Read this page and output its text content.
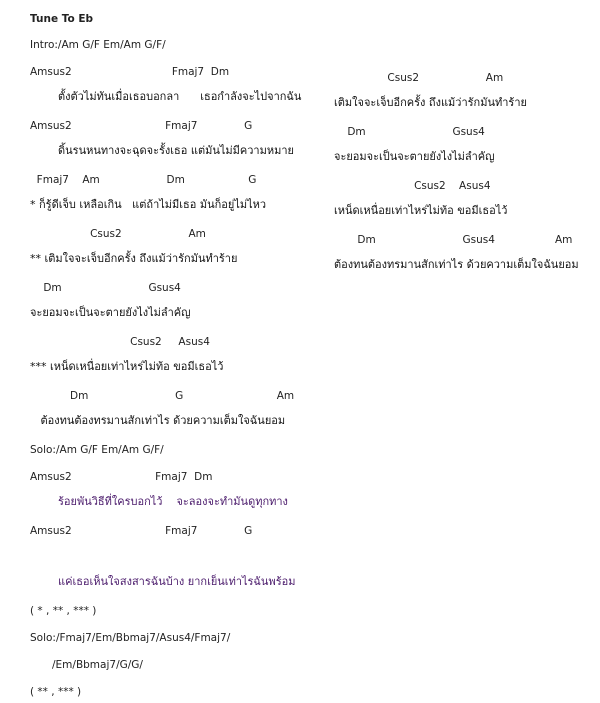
Tune To Eb
Intro:/Am G/F Em/Am G/F/
Amsus2                              Fmaj7  Dm
ตั้งตัวไม่ทันเมื่อเธอบอกลา      เธอกำลังจะไปจากฉัน
Amsus2                            Fmaj7              G
ดิ้นรนหนทางจะฉุดจะรั้งเธอ แต่มันไม่มีความหมาย
Fmaj7    Am                    Dm                   G
* ก็รู้ดีเจ็บ เหลือเกิน   แต่ถ้าไม่มีเธอ มันก็อยู่ไม่ไหว
Csus2                    Am
** เติมใจจะเจ็บอีกครั้ง ถึงแม้ว่ารักมันทำร้าย
Dm                          Gsus4
จะยอมจะเป็นจะตายยังไงไม่ลำคัญ
Csus2     Asus4
*** เหน็ดเหนื่อยเท่าไหร่ไม่ท้อ ขอมีเธอไว้
Dm                          G                            Am
ต้องทนต้องทรมานสักเท่าไร ด้วยความเต็มใจฉันยอม
Solo:/Am G/F Em/Am G/F/
Amsus2                         Fmaj7  Dm
ร้อยพันวิธีที่ใครบอกไว้    จะลองจะทำมันดูทุกทาง
Amsus2                            Fmaj7              G
แค่เธอเห็นใจสงสารฉันบ้าง ยากเย็นเท่าไรฉันพร้อม
( * , ** , *** )
Solo:/Fmaj7/Em/Bbmaj7/Asus4/Fmaj7/
/Em/Bbmaj7/G/G/
( ** , *** )
Csus2                    Am
เติมใจจะเจ็บอีกครั้ง ถึงแม้ว่ารักมันทำร้าย
Dm                          Gsus4
จะยอมจะเป็นจะตายยังไงไม่ลำคัญ
Csus2    Asus4
เหน็ดเหนื่อยเท่าไหร่ไม่ท้อ ขอมีเธอไว้
Dm                          Gsus4                  Am
ต้องทนต้องทรมานสักเท่าไร ด้วยความเต็มใจฉันยอม
